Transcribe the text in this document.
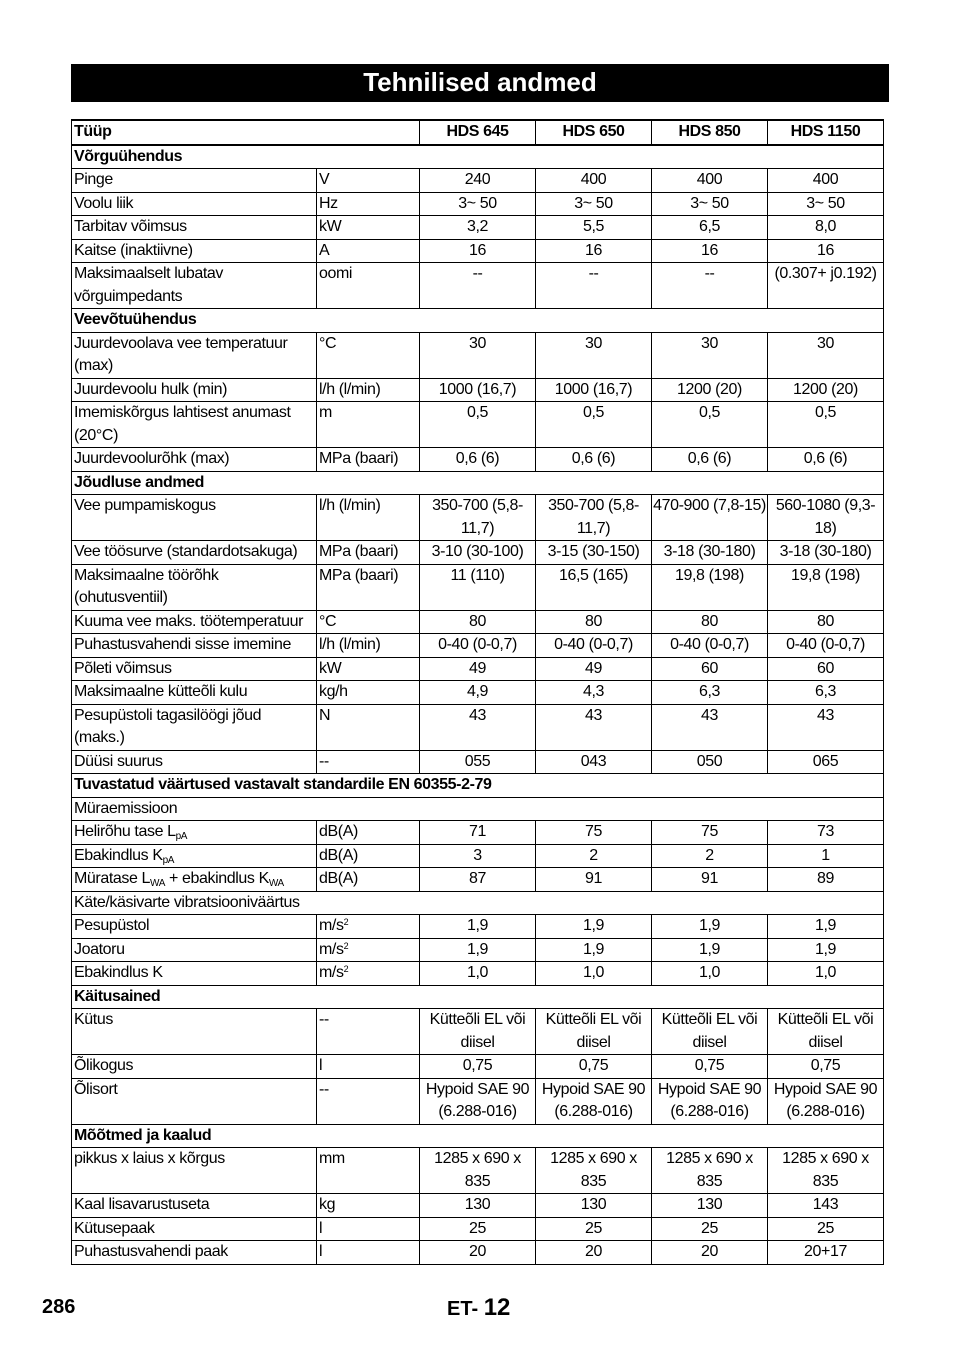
Tehnilised andmed
Tüüp		HDS 645	HDS 650	HDS 850	HDS 1150
Võrguühendus					
Pinge	V	240	400	400	400
Voolu liik	Hz	3~ 50	3~ 50	3~ 50	3~ 50
Tarbitav võimsus	kW	3,2	5,5	6,5	8,0
Kaitse (inaktiivne)	A	16	16	16	16
Maksimaalselt lubatav võrguimpedants	oomi	--	--	--	(0.307+ j0.192)
Veevõtuühendus					
Juurdevoolava vee temperatuur (max)	°C	30	30	30	30
Juurdevoolu hulk (min)	l/h (l/min)	1000 (16,7)	1000 (16,7)	1200 (20)	1200 (20)
Imemiskõrgus lahtisest anumast (20°C)	m	0,5	0,5	0,5	0,5
Juurdevoolurõhk (max)	MPa (baari)	0,6 (6)	0,6 (6)	0,6 (6)	0,6 (6)
Jõudluse andmed					
Vee pumpamiskogus	l/h (l/min)	350-700 (5,8-11,7)	350-700 (5,8-11,7)	470-900 (7,8-15)	560-1080 (9,3-18)
Vee töösurve (standardotsakuga)	MPa (baari)	3-10 (30-100)	3-15 (30-150)	3-18 (30-180)	3-18 (30-180)
Maksimaalne töörõhk (ohutusventiil)	MPa (baari)	11 (110)	16,5 (165)	19,8 (198)	19,8 (198)
Kuuma vee maks. töötemperatuur	°C	80	80	80	80
Puhastusvahendi sisse imemine	l/h (l/min)	0-40 (0-0,7)	0-40 (0-0,7)	0-40 (0-0,7)	0-40 (0-0,7)
Põleti võimsus	kW	49	49	60	60
Maksimaalne kütteõli kulu	kg/h	4,9	4,3	6,3	6,3
Pesupüstoli tagasilöögi jõud (maks.)	N	43	43	43	43
Düüsi suurus	--	055	043	050	065
Tuvastatud väärtused vastavalt standardile EN 60355-2-79					
Müraemissioon					
Helirõhu tase $L_{pA}$	dB(A)	71	75	75	73
Ebakindlus $K_{pA}$	dB(A)	3	2	2	1
Müratase $L_{WA}$ + ebakindlus $K_{WA}$	dB(A)	87	91	91	89
Käte/käsivarte vibratsiooniväärtus					
Pesupüstol	$m/s^2$	1,9	1,9	1,9	1,9
Joatoru	$m/s^2$	1,9	1,9	1,9	1,9
Ebakindlus K	$m/s^2$	1,0	1,0	1,0	1,0
Käitusained					
Kütus	--	Kütteõli EL või diisel	Kütteõli EL või diisel	Kütteõli EL või diisel	Kütteõli EL või diisel
Õlikogus	l	0,75	0,75	0,75	0,75
Õlisort	--	Hypoid SAE 90 (6.288-016)	Hypoid SAE 90 (6.288-016)	Hypoid SAE 90 (6.288-016)	Hypoid SAE 90 (6.288-016)
Mõõtmed ja kaalud					
pikkus x laius x kõrgus	mm	1285 x 690 x 835	1285 x 690 x 835	1285 x 690 x 835	1285 x 690 x 835
Kaal lisavarustuseta	kg	130	130	130	143
Kütusepaak	l	25	25	25	25
Puhastusvahendi paak	l	20	20	20	20+17
286	ET- 12
